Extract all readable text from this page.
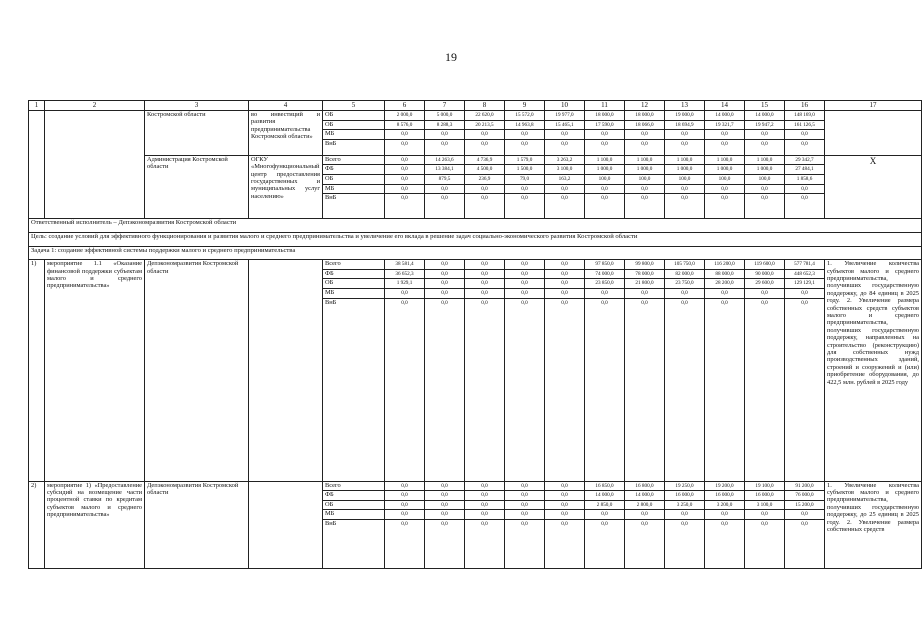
19
1	2	3	4	5	6	7	8	9	10	11	12	13	14	15	16	17
		Костромской области	во инвестиций и развития предпринимательства Костромской области»	ОБ	2 000,0	5 000,0	22 620,0	15 572,0	19 977,0	18 000,0	18 000,0	19 000,0	14 000,0	14 000,0	148 169,0	
				ОБ	8 576,0	8 288,3	20 213,5	14 963,8	15 465,1	17 590,0	18 066,0	18 694,9	19 321,7	19 947,2	161 126,5	
				МБ	0,0	0,0	0,0	0,0	0,0	0,0	0,0	0,0	0,0	0,0	0,0	
				ВнБ	0,0	0,0	0,0	0,0	0,0	0,0	0,0	0,0	0,0	0,0	0,0	
		Администрация Костромской области	ОГКУ «Многофункциональный центр предоставления государственных и муниципальных услуг населению»	Всего	0,0	14 263,6	4 736,9	1 579,0	3 263,2	1 100,0	1 100,0	1 100,0	1 100,0	1 100,0	29 342,7	X
				ФБ	0,0	13 384,1	4 500,0	1 500,0	3 100,0	1 000,0	1 000,0	1 000,0	1 000,0	1 000,0	27 484,1	
				ОБ	0,0	879,5	236,9	79,0	163,2	100,0	100,0	100,0	100,0	100,0	1 858,6	
				МБ	0,0	0,0	0,0	0,0	0,0	0,0	0,0	0,0	0,0	0,0	0,0	
				ВнБ	0,0	0,0	0,0	0,0	0,0	0,0	0,0	0,0	0,0	0,0	0,0	
Ответственный исполнитель – Депэкономразвития Костромской области																
Цель: создание условий для эффективного функционирования и развития малого и среднего предпринимательства и увеличение его вклада в решение задач социально-экономического развития Костромской области																
Задача 1: создание эффективной системы поддержки малого и среднего предпринимательства																
1)	мероприятие 1.1 «Оказание финансовой поддержки субъектам малого и среднего предпринимательства»	Депэкономразвития Костромской области		Всего	38 581,4	0,0	0,0	0,0	0,0	97 850,0	99 800,0	105 750,0	116 200,0	119 600,0	577 781,4	1. Увеличение количества субъектов малого и среднего предпринимательства, получивших государственную поддержку, до 84 единиц в 2025 году. 2. Увеличение размера собственных средств субъектов малого и среднего предпринимательства, получивших государственную поддержку, направленных на строительство (реконструкцию) для собственных нужд производственных зданий, строений и сооружений и (или) приобретение оборудования, до 422,5 млн. рублей в 2025 году
				ФБ	36 652,3	0,0	0,0	0,0	0,0	74 000,0	78 000,0	82 000,0	88 000,0	90 000,0	448 652,3	
				ОБ	1 929,1	0,0	0,0	0,0	0,0	23 850,0	21 800,0	23 750,0	28 200,0	29 600,0	129 129,1	
				МБ	0,0	0,0	0,0	0,0	0,0	0,0	0,0	0,0	0,0	0,0	0,0	
				ВнБ	0,0	0,0	0,0	0,0	0,0	0,0	0,0	0,0	0,0	0,0	0,0	
2)	мероприятие 1) «Предоставление субсидий на возмещение части процентной ставки по кредитам субъектов малого и среднего предпринимательства»	Депэкономразвития Костромской области		Всего	0,0	0,0	0,0	0,0	0,0	16 850,0	16 800,0	19 250,0	19 200,0	19 100,0	91 200,0	1. Увеличение количества субъектов малого и среднего предпринимательства, получивших государственную поддержку, до 25 единиц в 2025 году. 2. Увеличение размера собственных средств
				ФБ	0,0	0,0	0,0	0,0	0,0	14 000,0	14 000,0	16 000,0	16 000,0	16 000,0	76 000,0	
				ОБ	0,0	0,0	0,0	0,0	0,0	2 850,0	2 800,0	3 250,0	3 200,0	3 100,0	15 200,0	
				МБ	0,0	0,0	0,0	0,0	0,0	0,0	0,0	0,0	0,0	0,0	0,0	
				ВнБ	0,0	0,0	0,0	0,0	0,0	0,0	0,0	0,0	0,0	0,0	0,0	
